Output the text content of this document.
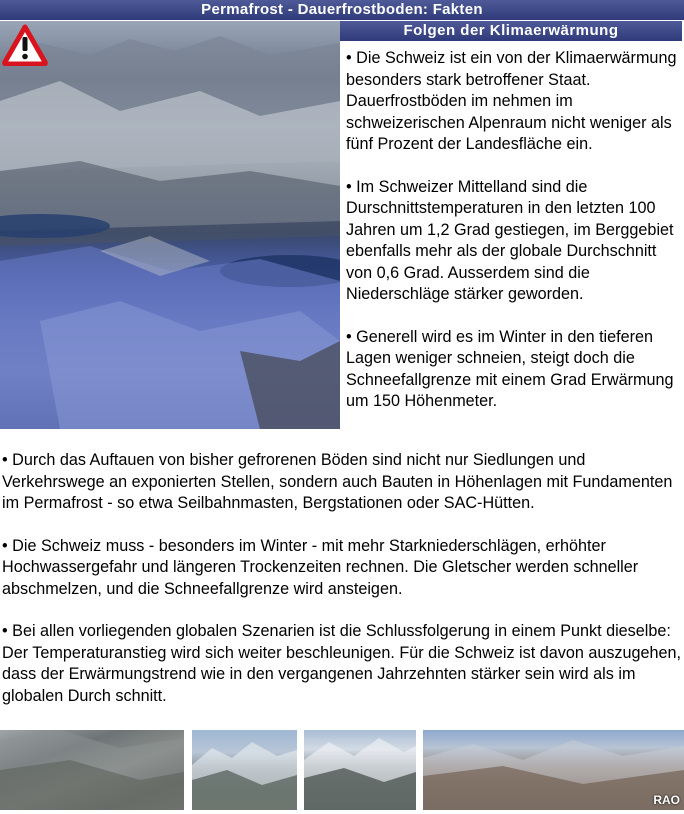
Permafrost - Dauerfrostboden: Fakten
Folgen der Klimaerwärmung

• Die Schweiz ist ein von der Klimaerwärmung besonders stark betroffener Staat. Dauerfrostböden im nehmen im schweizerischen Alpenraum nicht weniger als fünf Prozent der Landesfläche ein.

• Im Schweizer Mittelland sind die Durschnittstemperaturen in den letzten 100 Jahren um 1,2 Grad gestiegen, im Berggebiet ebenfalls mehr als der globale Durchschnitt von 0,6 Grad. Ausserdem sind die Niederschläge stärker geworden.

• Generell wird es im Winter in den tieferen Lagen weniger schneien, steigt doch die Schneefallgrenze mit einem Grad Erwärmung um 150 Höhenmeter.

• Durch das Auftauen von bisher gefrorenen Böden sind nicht nur Siedlungen und Verkehrswege an exponierten Stellen, sondern auch Bauten in Höhenlagen mit Fundamenten im Permafrost - so etwa Seilbahnmasten, Bergstationen oder SAC-Hütten.

• Die Schweiz muss - besonders im Winter - mit mehr Starkniederschlägen, erhöhter Hochwassergefahr und längeren Trockenzeiten rechnen. Die Gletscher werden schneller abschmelzen, und die Schneefallgrenze wird ansteigen.

• Bei allen vorliegenden globalen Szenarien ist die Schlussfolgerung in einem Punkt dieselbe: Der Temperaturanstieg wird sich weiter beschleunigen. Für die Schweiz ist davon auszugehen, dass der Erwärmungstrend wie in den vergangenen Jahrzehnten stärker sein wird als im globalen Durch schnitt.

RAO
